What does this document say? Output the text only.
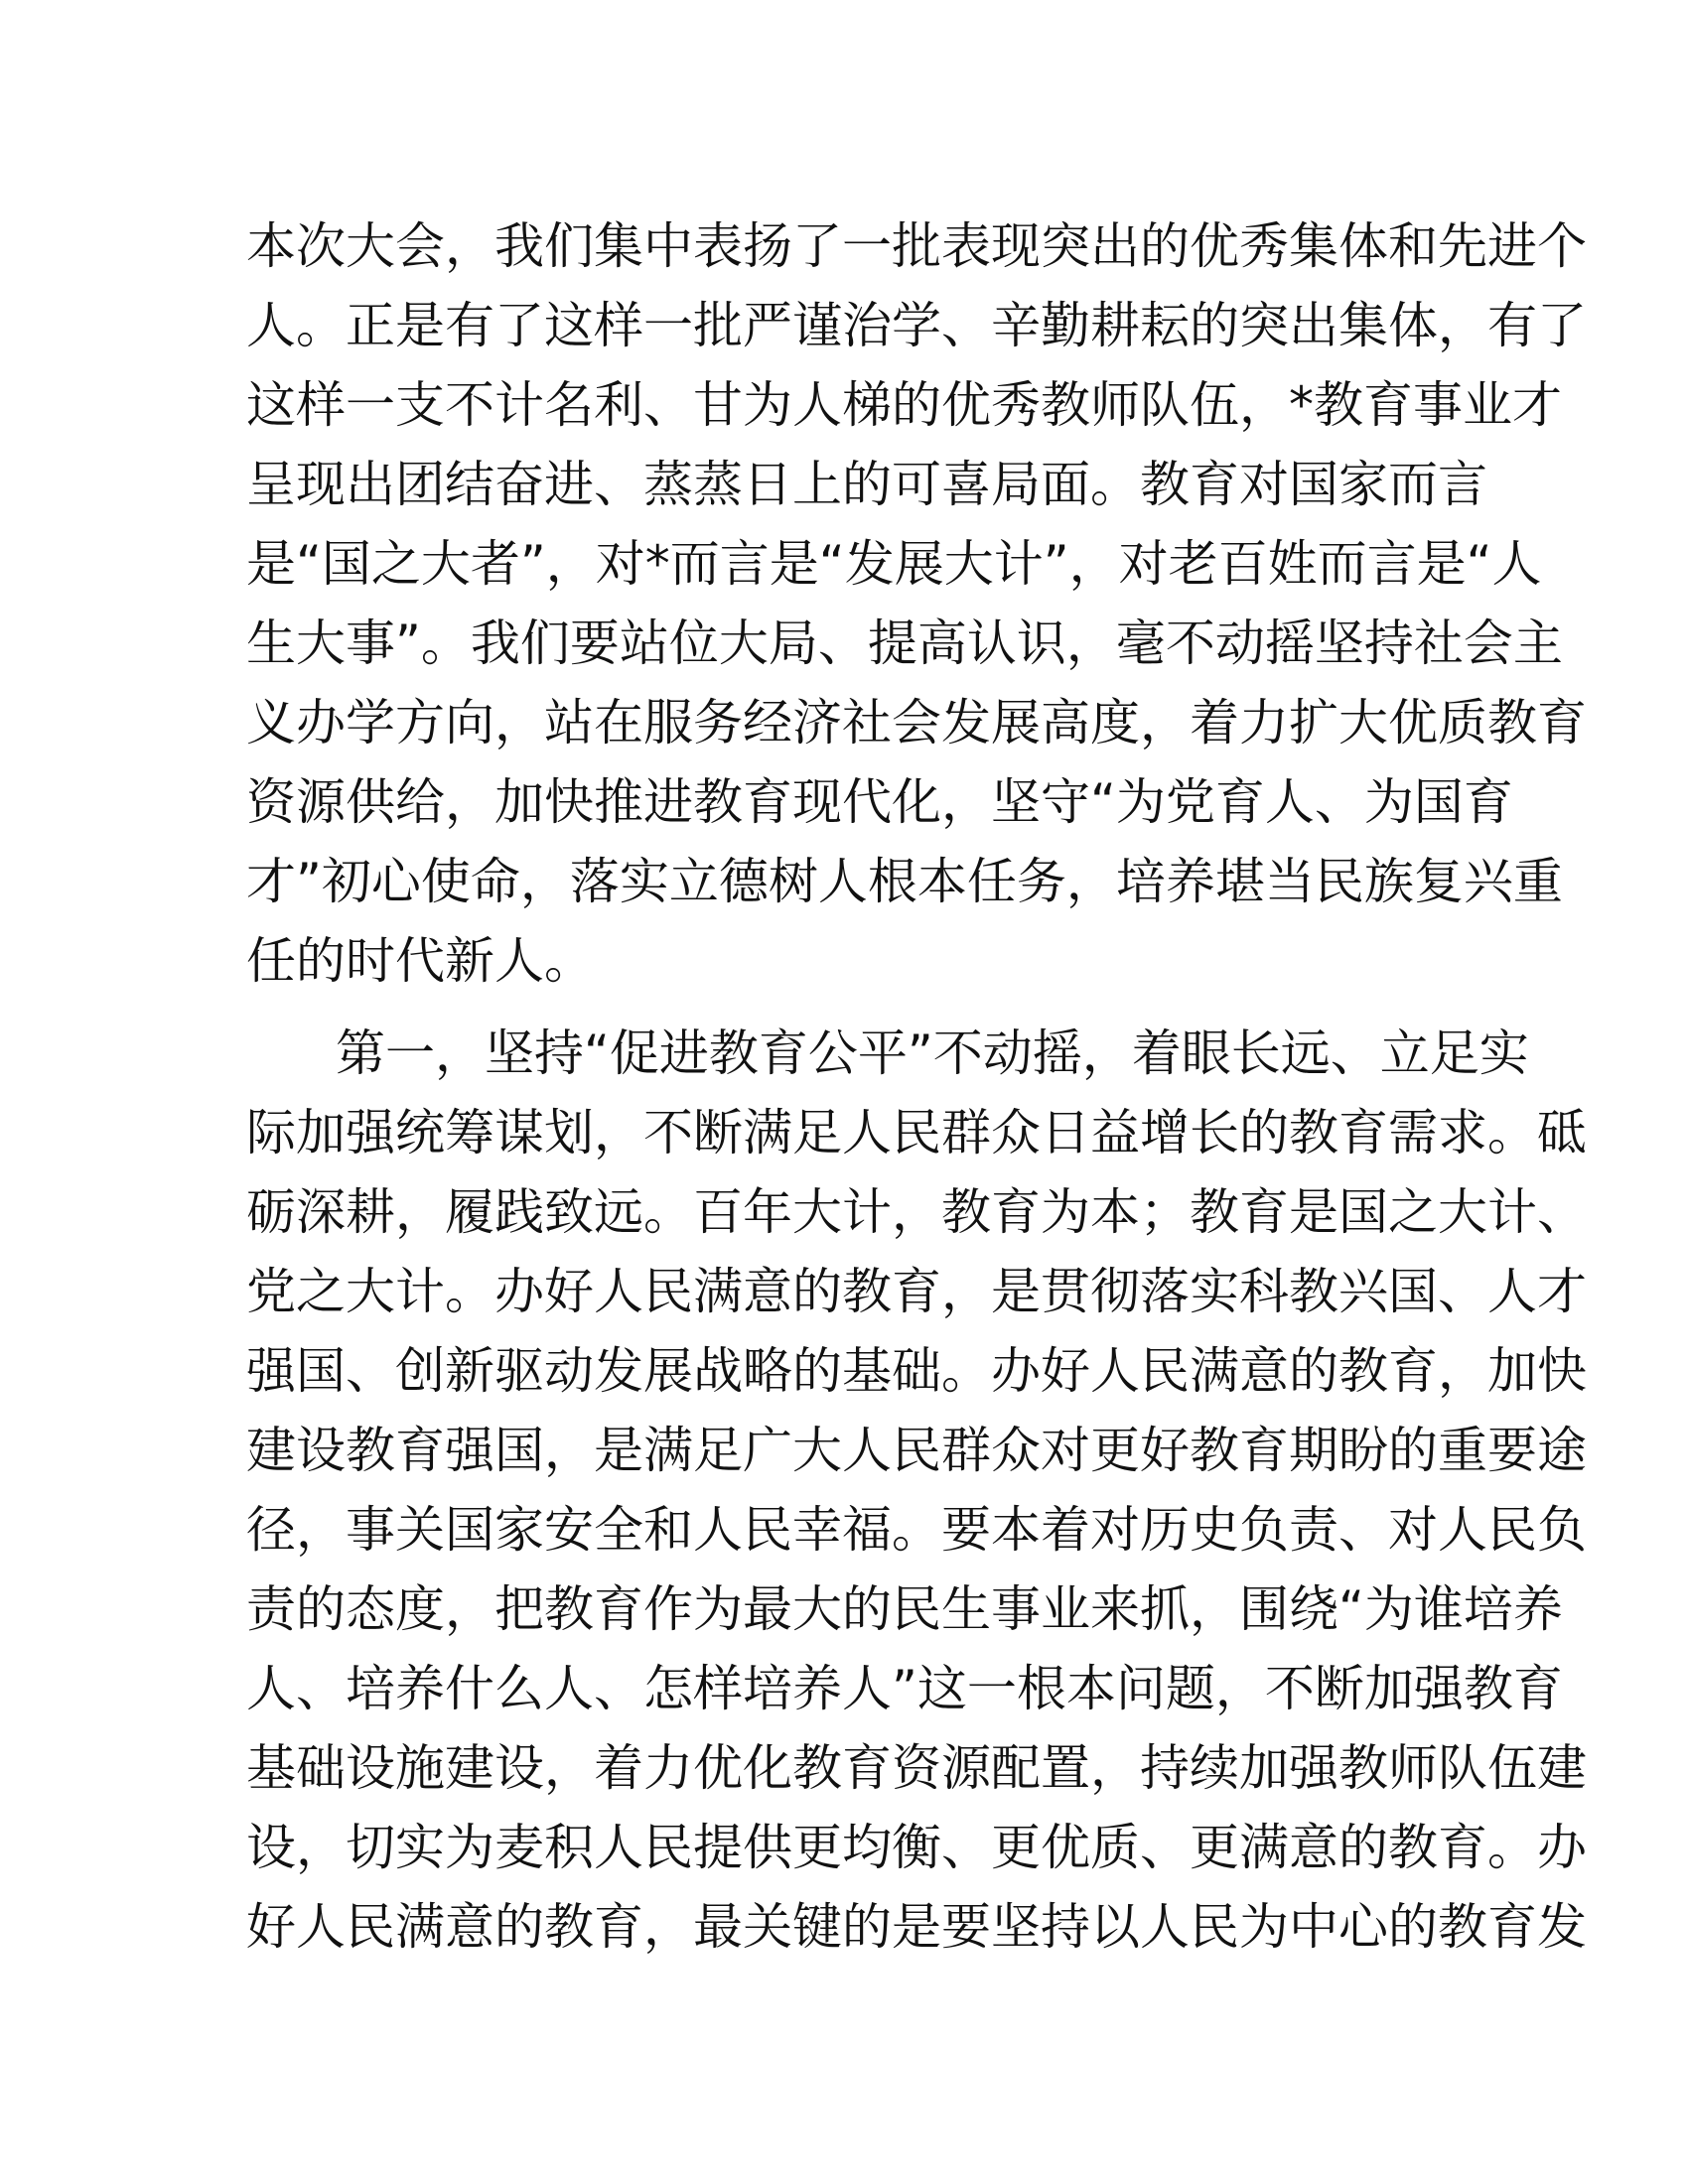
本次大会，我们集中表扬了一批表现突出的优秀集体和先进个
人。正是有了这样一批严谨治学、辛勤耕耘的突出集体，有了
这样一支不计名利、甘为人梯的优秀教师队伍，*教育事业才
呈现出团结奋进、蒸蒸日上的可喜局面。教育对国家而言
是“国之大者”，对*而言是“发展大计”，对老百姓而言是“人
生大事”。我们要站位大局、提高认识，毫不动摇坚持社会主
义办学方向，站在服务经济社会发展高度，着力扩大优质教育
资源供给，加快推进教育现代化，坚守“为党育人、为国育
才”初心使命，落实立德树人根本任务，培养堪当民族复兴重
任的时代新人。
第一，坚持“促进教育公平”不动摇，着眼长远、立足实
际加强统筹谋划，不断满足人民群众日益增长的教育需求。砥
砺深耕，履践致远。百年大计，教育为本；教育是国之大计、
党之大计。办好人民满意的教育，是贯彻落实科教兴国、人才
强国、创新驱动发展战略的基础。办好人民满意的教育，加快
建设教育强国，是满足广大人民群众对更好教育期盼的重要途
径，事关国家安全和人民幸福。要本着对历史负责、对人民负
责的态度，把教育作为最大的民生事业来抓，围绕“为谁培养
人、培养什么人、怎样培养人”这一根本问题，不断加强教育
基础设施建设，着力优化教育资源配置，持续加强教师队伍建
设，切实为麦积人民提供更均衡、更优质、更满意的教育。办
好人民满意的教育，最关键的是要坚持以人民为中心的教育发
